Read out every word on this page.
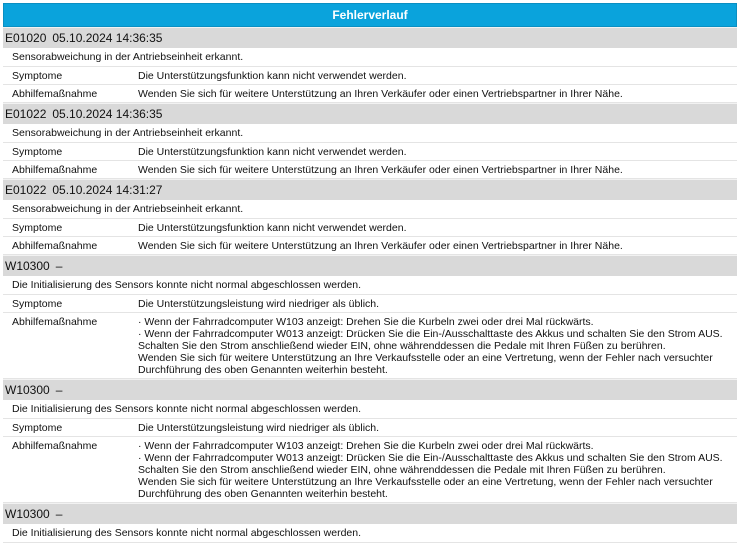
Fehlerverlauf
E01020 05.10.2024 14:36:35
Sensorabweichung in der Antriebseinheit erkannt.
Symptome	Die Unterstützungsfunktion kann nicht verwendet werden.
Abhilfemaßnahme	Wenden Sie sich für weitere Unterstützung an Ihren Verkäufer oder einen Vertriebspartner in Ihrer Nähe.
E01022 05.10.2024 14:36:35
Sensorabweichung in der Antriebseinheit erkannt.
Symptome	Die Unterstützungsfunktion kann nicht verwendet werden.
Abhilfemaßnahme	Wenden Sie sich für weitere Unterstützung an Ihren Verkäufer oder einen Vertriebspartner in Ihrer Nähe.
E01022 05.10.2024 14:31:27
Sensorabweichung in der Antriebseinheit erkannt.
Symptome	Die Unterstützungsfunktion kann nicht verwendet werden.
Abhilfemaßnahme	Wenden Sie sich für weitere Unterstützung an Ihren Verkäufer oder einen Vertriebspartner in Ihrer Nähe.
W10300 –
Die Initialisierung des Sensors konnte nicht normal abgeschlossen werden.
Symptome	Die Unterstützungsleistung wird niedriger als üblich.
Abhilfemaßnahme	· Wenn der Fahrradcomputer W103 anzeigt: Drehen Sie die Kurbeln zwei oder drei Mal rückwärts.
· Wenn der Fahrradcomputer W013 anzeigt: Drücken Sie die Ein-/Ausschalttaste des Akkus und schalten Sie den Strom AUS. Schalten Sie den Strom anschließend wieder EIN, ohne währenddessen die Pedale mit Ihren Füßen zu berühren.
Wenden Sie sich für weitere Unterstützung an Ihre Verkaufsstelle oder an eine Vertretung, wenn der Fehler nach versuchter Durchführung des oben Genannten weiterhin besteht.
W10300 –
Die Initialisierung des Sensors konnte nicht normal abgeschlossen werden.
Symptome	Die Unterstützungsleistung wird niedriger als üblich.
Abhilfemaßnahme	· Wenn der Fahrradcomputer W103 anzeigt: Drehen Sie die Kurbeln zwei oder drei Mal rückwärts.
· Wenn der Fahrradcomputer W013 anzeigt: Drücken Sie die Ein-/Ausschalttaste des Akkus und schalten Sie den Strom AUS. Schalten Sie den Strom anschließend wieder EIN, ohne währenddessen die Pedale mit Ihren Füßen zu berühren.
Wenden Sie sich für weitere Unterstützung an Ihre Verkaufsstelle oder an eine Vertretung, wenn der Fehler nach versuchter Durchführung des oben Genannten weiterhin besteht.
W10300 –
Die Initialisierung des Sensors konnte nicht normal abgeschlossen werden.
